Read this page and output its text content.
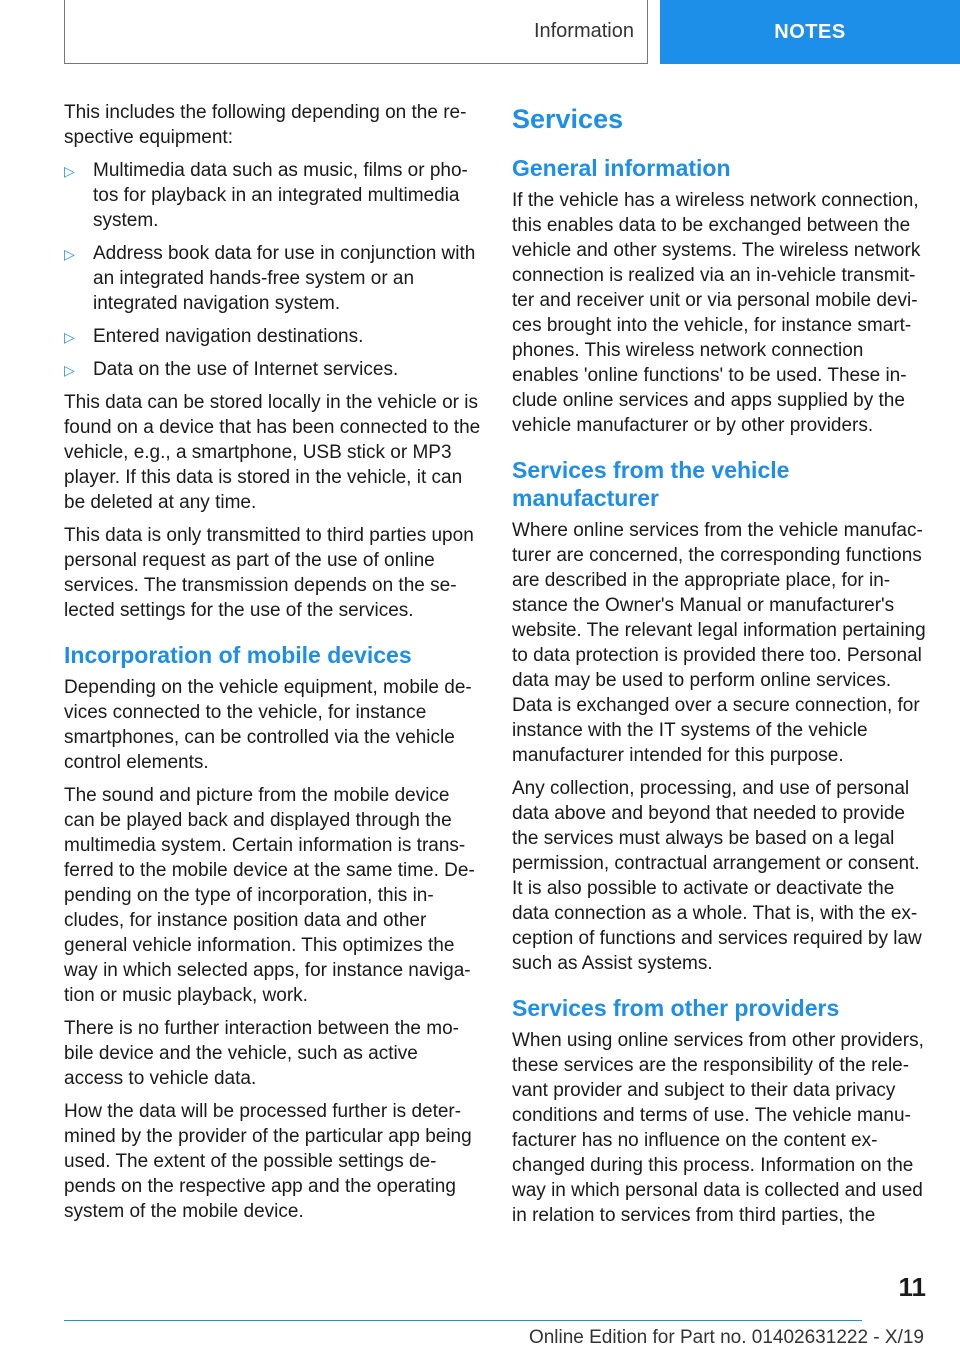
Information	NOTES

This includes the following depending on the re-spective equipment:

▷ Multimedia data such as music, films or pho-tos for playback in an integrated multimedia system.
▷ Address book data for use in conjunction with an integrated hands-free system or an integrated navigation system.
▷ Entered navigation destinations.
▷ Data on the use of Internet services.

This data can be stored locally in the vehicle or is found on a device that has been connected to the vehicle, e.g., a smartphone, USB stick or MP3 player. If this data is stored in the vehicle, it can be deleted at any time.

This data is only transmitted to third parties upon personal request as part of the use of online services. The transmission depends on the se-lected settings for the use of the services.

Incorporation of mobile devices

Depending on the vehicle equipment, mobile de-vices connected to the vehicle, for instance smartphones, can be controlled via the vehicle control elements.

The sound and picture from the mobile device can be played back and displayed through the multimedia system. Certain information is trans-ferred to the mobile device at the same time. De-pending on the type of incorporation, this in-cludes, for instance position data and other general vehicle information. This optimizes the way in which selected apps, for instance naviga-tion or music playback, work.

There is no further interaction between the mo-bile device and the vehicle, such as active access to vehicle data.

How the data will be processed further is deter-mined by the provider of the particular app being used. The extent of the possible settings de-pends on the respective app and the operating system of the mobile device.

Services
General information

If the vehicle has a wireless network connection, this enables data to be exchanged between the vehicle and other systems. The wireless network connection is realized via an in-vehicle transmit-ter and receiver unit or via personal mobile devi-ces brought into the vehicle, for instance smart-phones. This wireless network connection enables 'online functions' to be used. These in-clude online services and apps supplied by the vehicle manufacturer or by other providers.

Services from the vehicle manufacturer

Where online services from the vehicle manufac-turer are concerned, the corresponding functions are described in the appropriate place, for in-stance the Owner's Manual or manufacturer's website. The relevant legal information pertaining to data protection is provided there too. Personal data may be used to perform online services. Data is exchanged over a secure connection, for instance with the IT systems of the vehicle manufacturer intended for this purpose.

Any collection, processing, and use of personal data above and beyond that needed to provide the services must always be based on a legal permission, contractual arrangement or consent. It is also possible to activate or deactivate the data connection as a whole. That is, with the ex-ception of functions and services required by law such as Assist systems.

Services from other providers

When using online services from other providers, these services are the responsibility of the rele-vant provider and subject to their data privacy conditions and terms of use. The vehicle manu-facturer has no influence on the content ex-changed during this process. Information on the way in which personal data is collected and used in relation to services from third parties, the

11
Online Edition for Part no. 01402631222 - X/19
